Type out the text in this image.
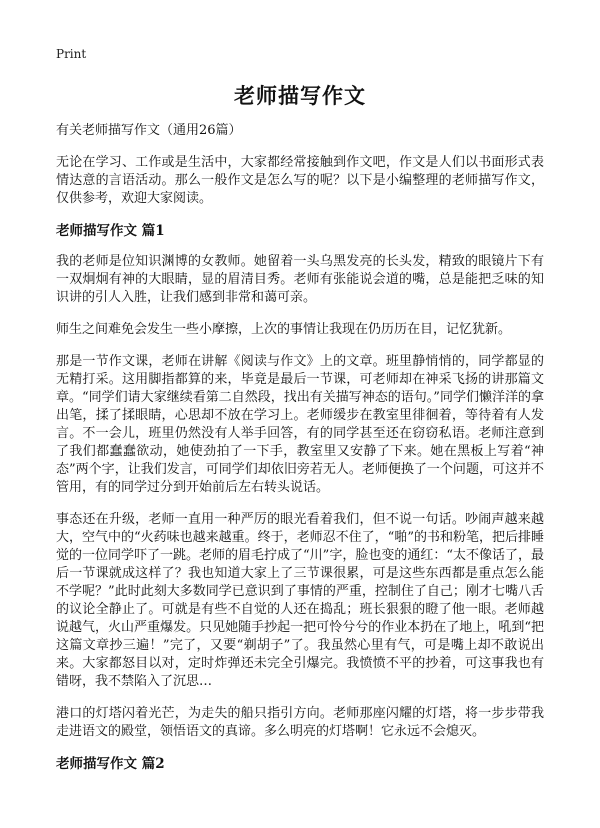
Print
老师描写作文
有关老师描写作文（通用26篇）

无论在学习、工作或是生活中，大家都经常接触到作文吧，作文是人们以书面形式表情达意的言语活动。那么一般作文是怎么写的呢？以下是小编整理的老师描写作文，仅供参考，欢迎大家阅读。

老师描写作文 篇1

我的老师是位知识渊博的女教师。她留着一头乌黑发亮的长头发，精致的眼镜片下有一双炯炯有神的大眼睛，显的眉清目秀。老师有张能说会道的嘴，总是能把乏味的知识讲的引人入胜，让我们感到非常和蔼可亲。

师生之间难免会发生一些小摩擦，上次的事情让我现在仍历历在目，记忆犹新。

那是一节作文课，老师在讲解《阅读与作文》上的文章。班里静悄悄的，同学都显的无精打采。这用脚指都算的来，毕竟是最后一节课，可老师却在神采飞扬的讲那篇文章。“同学们请大家继续看第二自然段，找出有关描写神态的语句。”同学们懒洋洋的拿出笔，揉了揉眼睛，心思却不放在学习上。老师缓步在教室里徘徊着，等待着有人发言。不一会儿，班里仍然没有人举手回答，有的同学甚至还在窃窃私语。老师注意到了我们都蠢蠢欲动，她使劲拍了一下手，教室里又安静了下来。她在黑板上写着“神态”两个字，让我们发言，可同学们却依旧旁若无人。老师便换了一个问题，可这并不管用，有的同学过分到开始前后左右转头说话。

事态还在升级，老师一直用一种严厉的眼光看着我们，但不说一句话。吵闹声越来越大，空气中的“火药味也越来越重。终于，老师忍不住了，“啪”的书和粉笔，把后排睡觉的一位同学吓了一跳。老师的眉毛拧成了“川”字，脸也变的通红：“太不像话了，最后一节课就成这样了？我也知道大家上了三节课很累，可是这些东西都是重点怎么能不学呢？”此时此刻大多数同学已意识到了事情的严重，控制住了自己；刚才七嘴八舌的议论全静止了。可就是有些不自觉的人还在捣乱；班长狠狠的瞪了他一眼。老师越说越气，火山严重爆发。只见她随手抄起一把可怜兮兮的作业本扔在了地上，吼到“把这篇文章抄三遍！”完了，又要“剃胡子”了。我虽然心里有气，可是嘴上却不敢说出来。大家都怒目以对，定时炸弹还未完全引爆完。我愤愤不平的抄着，可这事我也有错呀，我不禁陷入了沉思…

港口的灯塔闪着光芒，为走失的船只指引方向。老师那座闪耀的灯塔，将一步步带我走进语文的殿堂，领悟语文的真谛。多么明亮的灯塔啊！它永远不会熄灭。

老师描写作文 篇2
